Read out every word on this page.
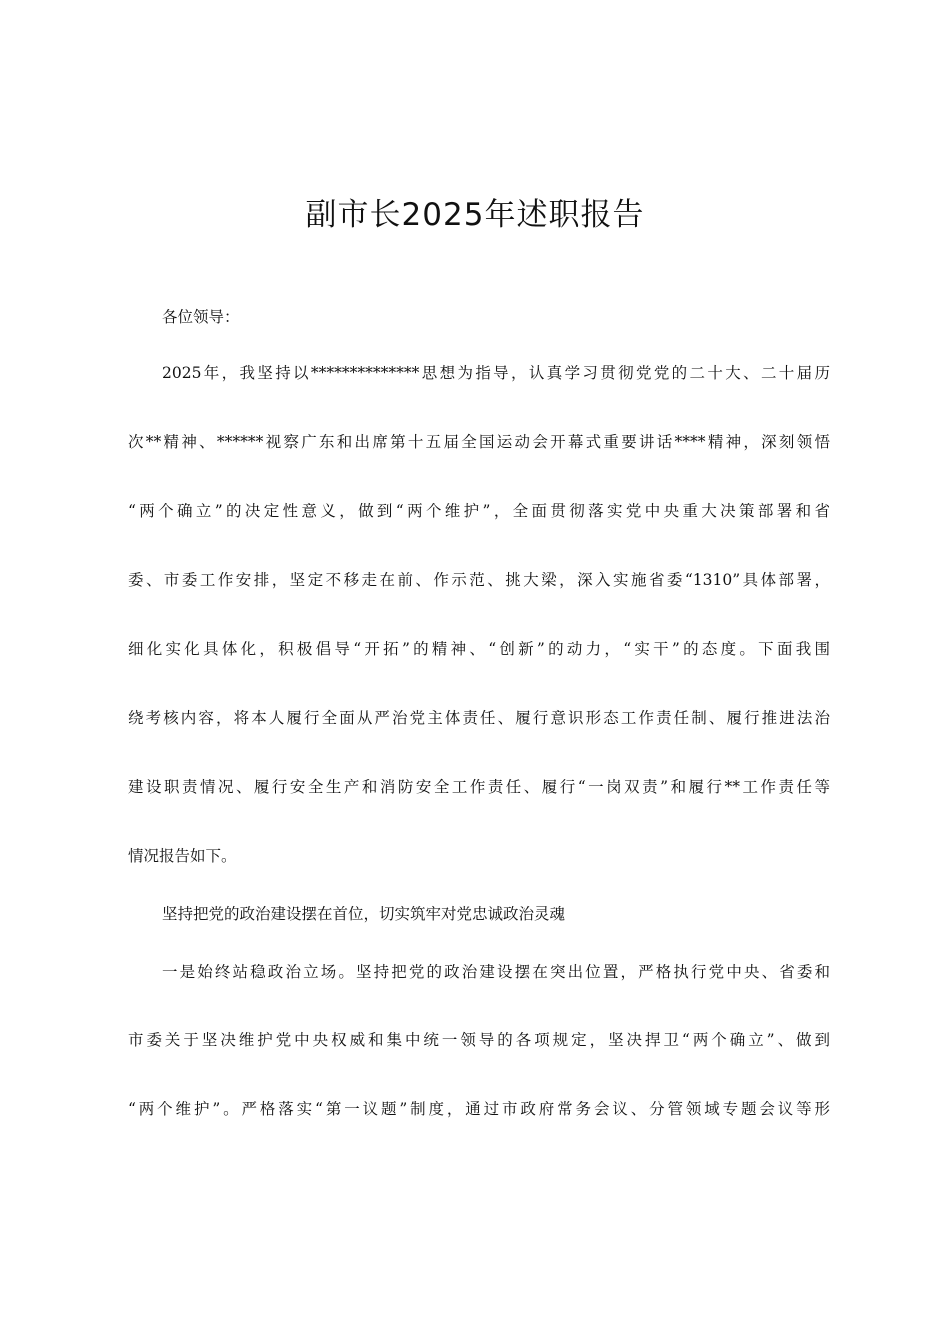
副市长2025年述职报告
各位领导：
2025年，我坚持以**************思想为指导，认真学习贯彻党党的二十大、二十届历
次**精神、******视察广东和出席第十五届全国运动会开幕式重要讲话****精神，深刻领悟
“两个确立”的决定性意义，做到“两个维护”，全面贯彻落实党中央重大决策部署和省
委、市委工作安排，坚定不移走在前、作示范、挑大梁，深入实施省委“1310”具体部署，
细化实化具体化，积极倡导“开拓”的精神、“创新”的动力，“实干”的态度。下面我围
绕考核内容，将本人履行全面从严治党主体责任、履行意识形态工作责任制、履行推进法治
建设职责情况、履行安全生产和消防安全工作责任、履行“一岗双责”和履行**工作责任等
情况报告如下。
坚持把党的政治建设摆在首位，切实筑牢对党忠诚政治灵魂
一是始终站稳政治立场。坚持把党的政治建设摆在突出位置，严格执行党中央、省委和
市委关于坚决维护党中央权威和集中统一领导的各项规定，坚决捍卫“两个确立”、做到
“两个维护”。严格落实“第一议题”制度，通过市政府常务会议、分管领域专题会议等形
